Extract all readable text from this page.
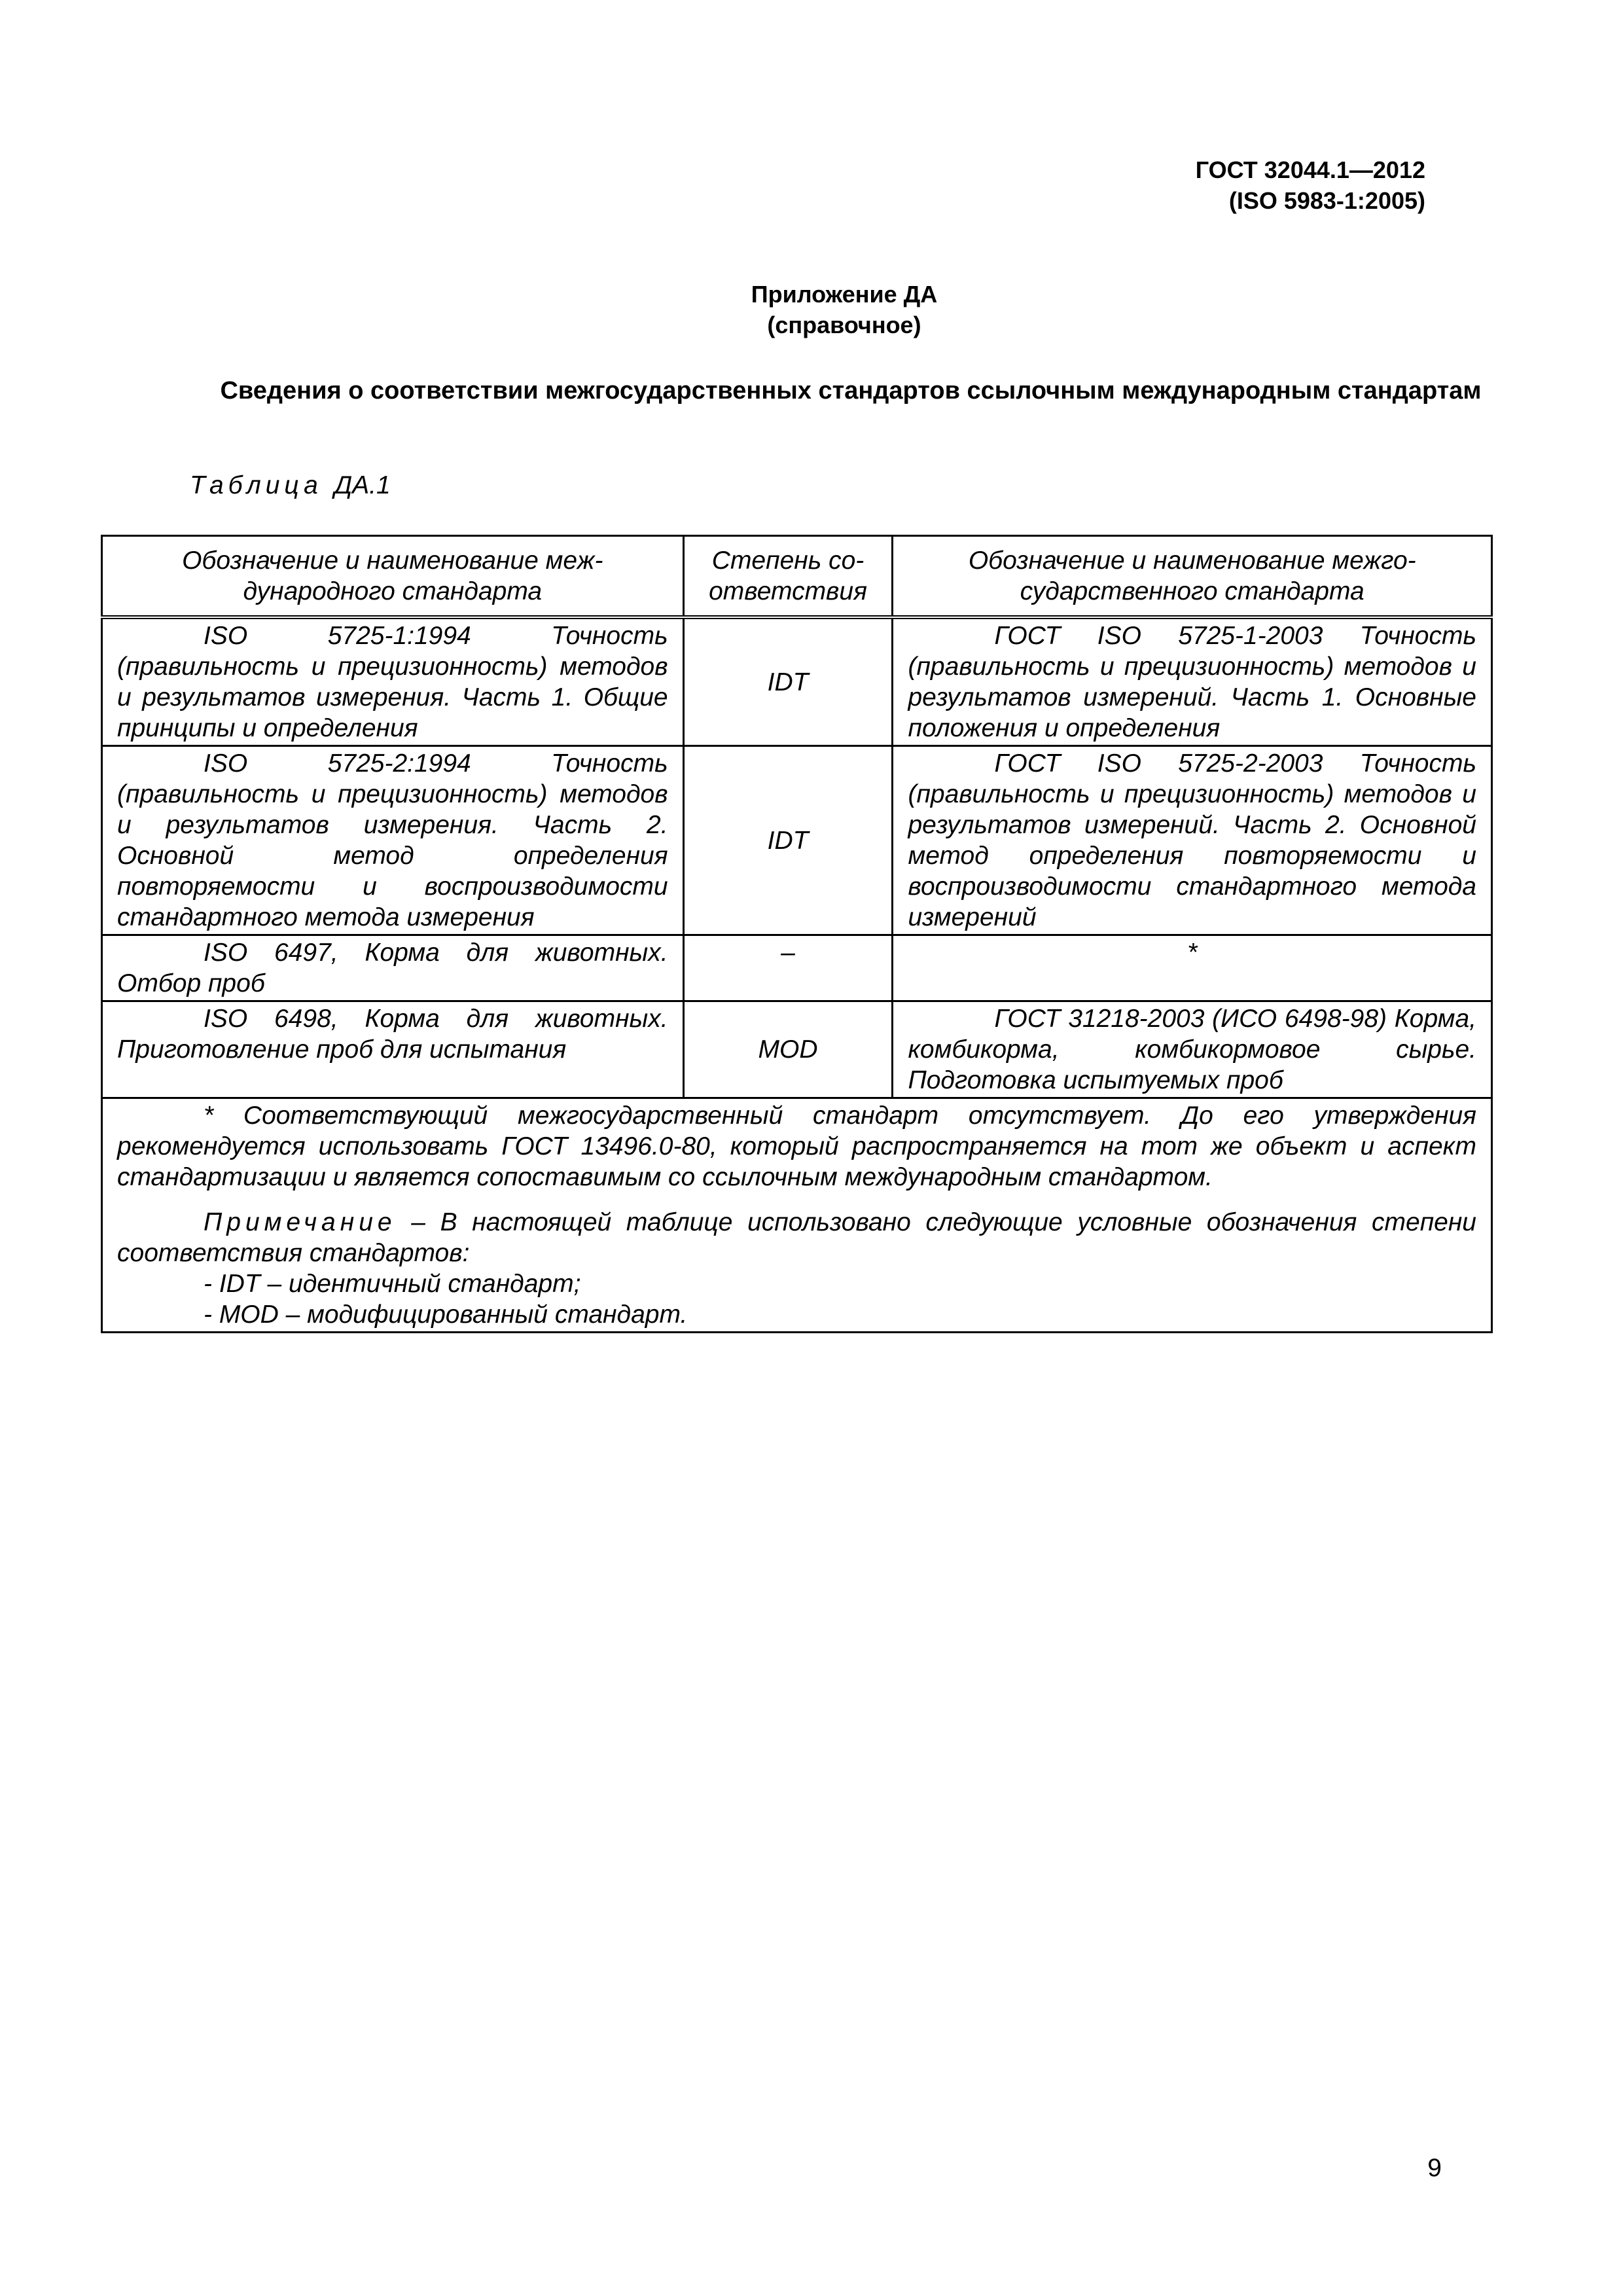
ГОСТ 32044.1—2012
(ISO 5983-1:2005)
Приложение ДА
(справочное)
Сведения о соответствии межгосударственных стандартов ссылочным международным стандартам
Таблица ДА.1
Обозначение и наименование меж-дународного стандарта	Степень со-ответствия	Обозначение и наименование межго-сударственного стандарта

ISO 5725-1:1994 Точность (правильность и прецизионность) методов и результатов измерения. Часть 1. Общие принципы и определения	IDT	ГОСТ ISO 5725-1-2003 Точность (правильность и прецизионность) методов и результатов измерений. Часть 1. Основные положения и определения

ISO 5725-2:1994 Точность (правильность и прецизионность) методов и результатов измерения. Часть 2. Основной метод определения повторяемости и воспроизводимости стандартного метода измерения	IDT	ГОСТ ISO 5725-2-2003 Точность (правильность и прецизионность) методов и результатов измерений. Часть 2. Основной метод определения повторяемости и воспроизводимости стандартного метода измерений

ISO 6497, Корма для животных. Отбор проб	–	*

ISO 6498, Корма для животных. Приготовление проб для испытания	MOD	ГОСТ 31218-2003 (ИСО 6498-98) Корма, комбикорма, комбикормовое сырье. Подготовка испытуемых проб

* Соответствующий межгосударственный стандарт отсутствует. До его утверждения рекомендуется использовать ГОСТ 13496.0-80, который распространяется на тот же объект и аспект стандартизации и является сопоставимым со ссылочным международным стандартом.

Примечание – В настоящей таблице использовано следующие условные обозначения степени соответствия стандартов:

- IDT – идентичный стандарт;

- MOD – модифицированный стандарт.		

9
